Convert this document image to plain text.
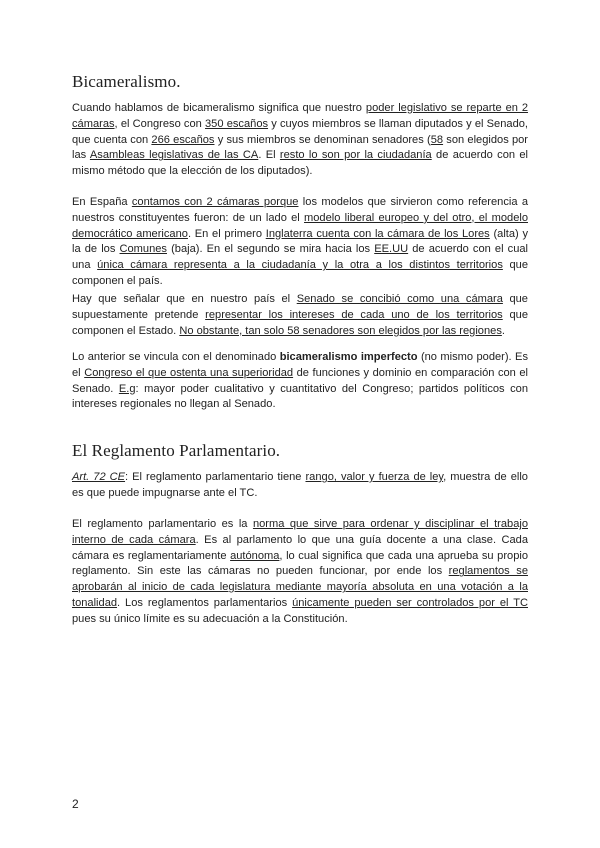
Bicameralismo.

Cuando hablamos de bicameralismo significa que nuestro poder legislativo se reparte en 2 cámaras, el Congreso con 350 escaños y cuyos miembros se llaman diputados y el Senado, que cuenta con 266 escaños y sus miembros se denominan senadores (58 son elegidos por las Asambleas legislativas de las CA. El resto lo son por la ciudadanía de acuerdo con el mismo método que la elección de los diputados).

En España contamos con 2 cámaras porque los modelos que sirvieron como referencia a nuestros constituyentes fueron: de un lado el modelo liberal europeo y del otro, el modelo democrático americano. En el primero Inglaterra cuenta con la cámara de los Lores (alta) y la de los Comunes (baja). En el segundo se mira hacia los EE.UU de acuerdo con el cual una única cámara representa a la ciudadanía y la otra a los distintos territorios que componen el país.

Hay que señalar que en nuestro país el Senado se concibió como una cámara que supuestamente pretende representar los intereses de cada uno de los territorios que componen el Estado. No obstante, tan solo 58 senadores son elegidos por las regiones.

Lo anterior se vincula con el denominado bicameralismo imperfecto (no mismo poder). Es el Congreso el que ostenta una superioridad de funciones y dominio en comparación con el Senado. E.g: mayor poder cualitativo y cuantitativo del Congreso; partidos políticos con intereses regionales no llegan al Senado.

El Reglamento Parlamentario.

Art. 72 CE: El reglamento parlamentario tiene rango, valor y fuerza de ley, muestra de ello es que puede impugnarse ante el TC.

El reglamento parlamentario es la norma que sirve para ordenar y disciplinar el trabajo interno de cada cámara. Es al parlamento lo que una guía docente a una clase. Cada cámara es reglamentariamente autónoma, lo cual significa que cada una aprueba su propio reglamento. Sin este las cámaras no pueden funcionar, por ende los reglamentos se aprobarán al inicio de cada legislatura mediante mayoría absoluta en una votación a la tonalidad. Los reglamentos parlamentarios únicamente pueden ser controlados por el TC pues su único límite es su adecuación a la Constitución.

2
